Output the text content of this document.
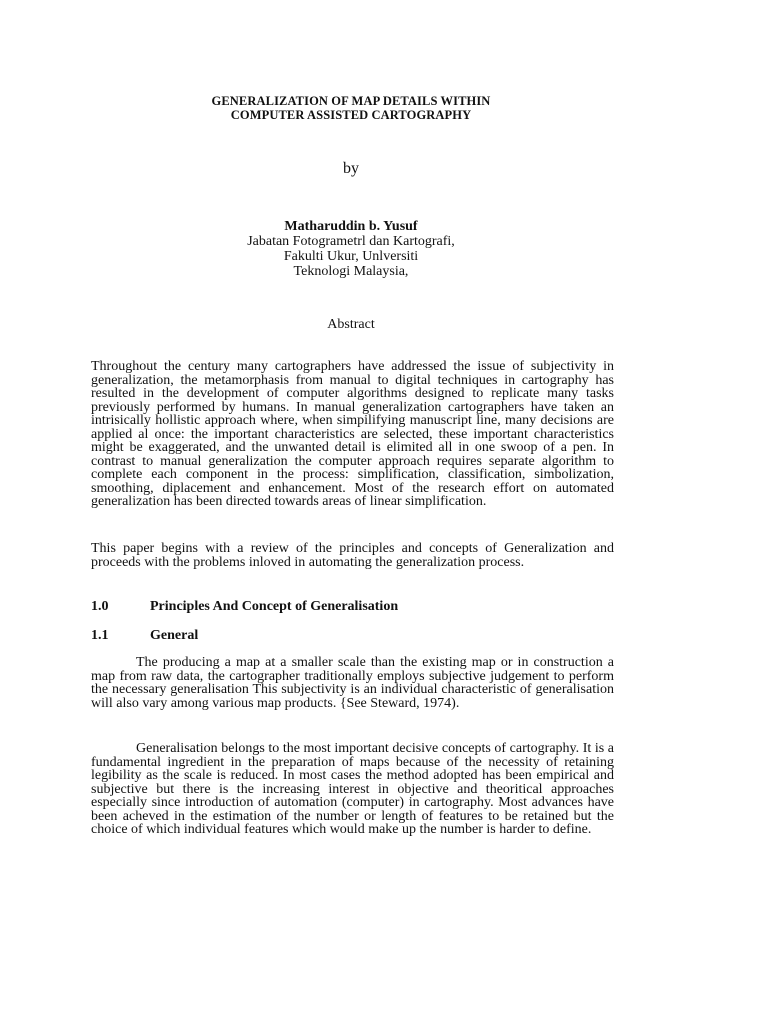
GENERALIZATION OF MAP DETAILS WITHIN
COMPUTER ASSISTED CARTOGRAPHY
by
Matharuddin b. Yusuf
Jabatan Fotogrametrl dan Kartografi,
Fakulti Ukur, Unlversiti
Teknologi Malaysia,
Abstract

Throughout the century many cartographers have addressed the issue of subjectivity in generalization, the metamorphasis from manual to digital techniques in cartography has resulted in the development of computer algorithms designed to replicate many tasks previously performed by humans. In manual generalization cartographers have taken an intrisically hollistic approach where, when simpilifying manuscript line, many decisions are applied al once: the important characteristics are selected, these important characteristics might be exaggerated, and the unwanted detail is elimited all in one swoop of a pen. In contrast to manual generalization the computer approach requires separate algorithm to complete each component in the process: simplification, classification, simbolization, smoothing, diplacement and enhancement. Most of the research effort on automated generalization has been directed towards areas of linear simplification.

This paper begins with a review of the principles and concepts of Generalization and proceeds with the problems inloved in automating the generalization process.

1.0	Principles And Concept of Generalisation
1.1	General

The producing a map at a smaller scale than the existing map or in construction a map from raw data, the cartographer traditionally employs subjective judgement to perform the necessary generalisation This subjectivity is an individual characteristic of generalisation will also vary among various map products. {See Steward, 1974).

Generalisation belongs to the most important decisive concepts of cartography. It is a fundamental ingredient in the preparation of maps because of the necessity of retaining legibility as the scale is reduced. In most cases the method adopted has been empirical and subjective but there is the increasing interest in objective and theoritical approaches especially since introduction of automation (computer) in cartography. Most advances have been acheved in the estimation of the number or length of features to be retained but the choice of which individual features which would make up the number is harder to define.
